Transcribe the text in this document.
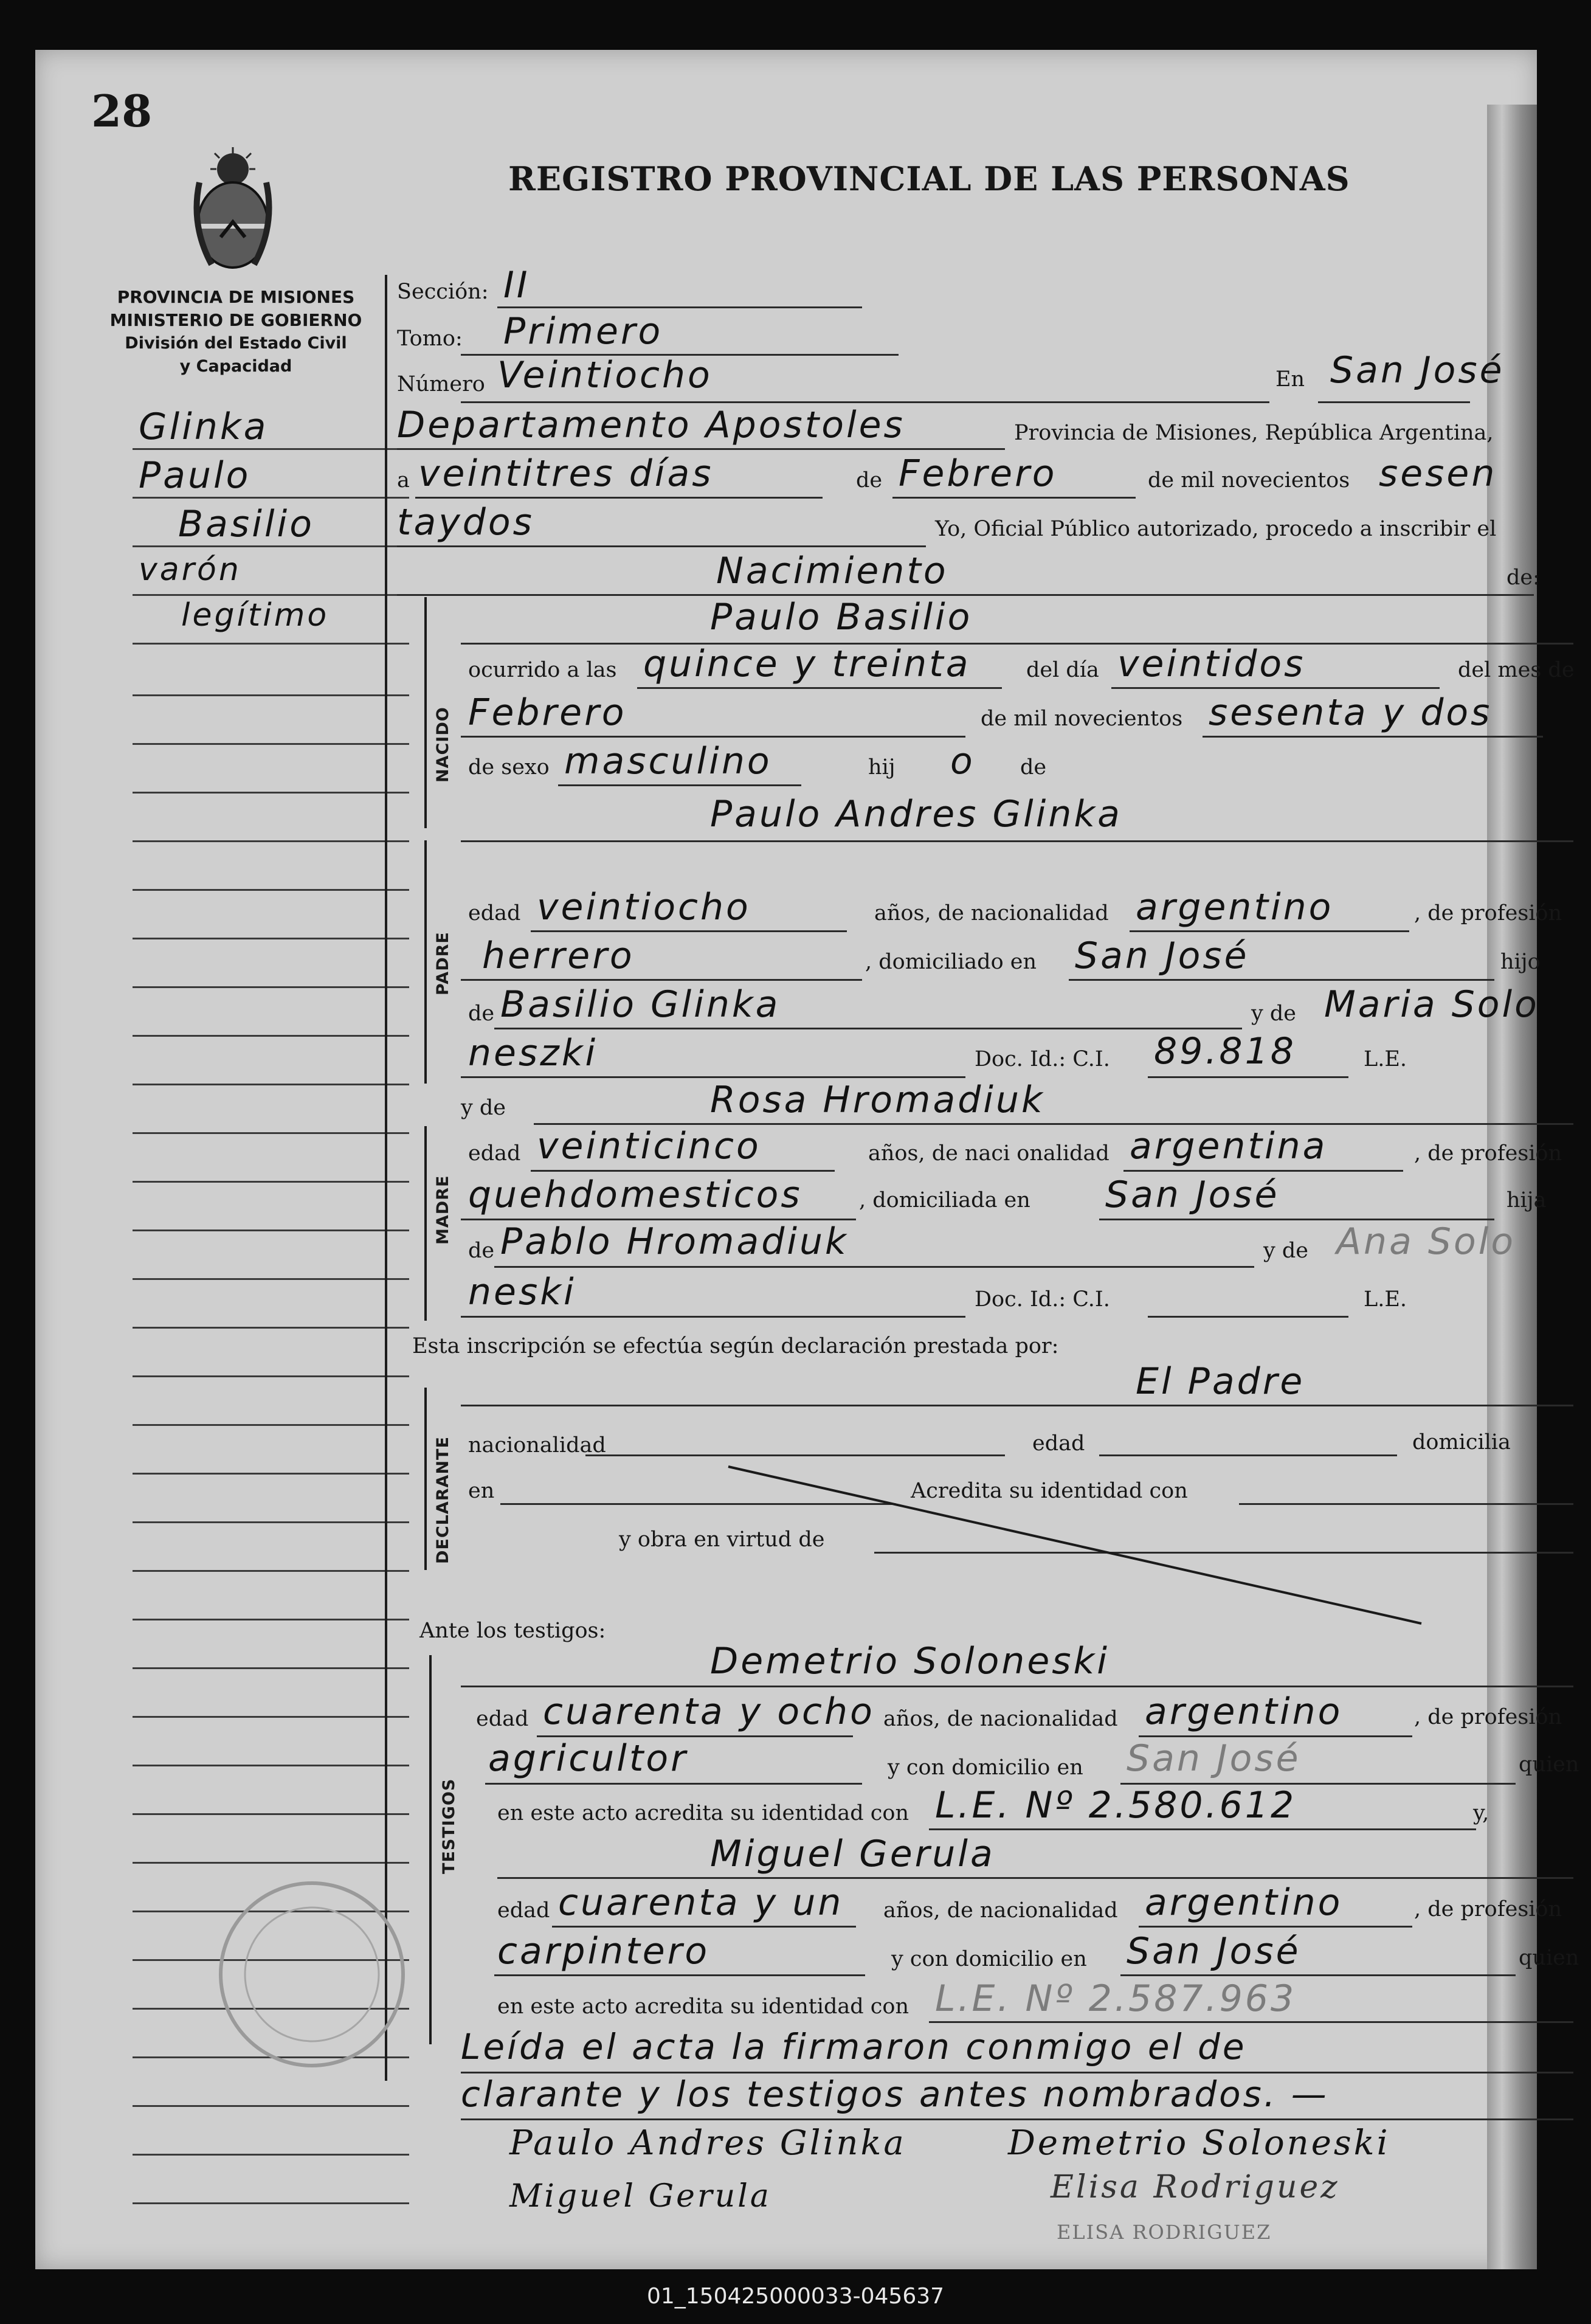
28
PROVINCIA DE MISIONES
MINISTERIO DE GOBIERNO
División del Estado Civil
y Capacidad
REGISTRO PROVINCIAL DE LAS PERSONAS
Glinka
Paulo
Basilio
varón
legítimo
Sección: II
Tomo: Primero
Número Veintiocho	En San José
Departamento Apostoles	Provincia de Misiones, República Argentina,
a veintitres días	de Febrero	de mil novecientos sesen
taydos	Yo, Oficial Público autorizado, procedo a inscribir el
Nacimiento	de:
NACIDO
Paulo Basilio
ocurrido a las quince y treinta	del día veintidos	del mes de
Febrero	de mil novecientos sesenta y dos
de sexo masculino	hij o de
PADRE
Paulo Andres Glinka
edad veintiocho	años, de nacionalidad argentino	, de profesión
herrero	, domiciliado en San José	hijo
de Basilio Glinka	y de Maria Solo
neszki	Doc. Id.: C.I. 89.818	L.E.
y de	Rosa Hromadiuk
MADRE
edad veinticinco	años, de naci onalidad argentina	, de profesión
quehdomesticos	, domiciliada en San José	hija
de Pablo Hromadiuk	y de Ana Solo
neski	Doc. Id.: C.I.	L.E.
Esta inscripción se efectúa según declaración prestada por:
El Padre
DECLARANTE nacionalidad	edad	domicilia
en	Acredita su identidad con
y obra en virtud de
Ante los testigos:
Demetrio Soloneski
TESTIGOS
edad cuarenta y ocho años, de nacionalidad argentino	, de profesión
agricultor	y con domicilio en San José	quien
en este acto acredita su identidad con L.E. Nº 2.580.612	y,
Miguel Gerula
edad cuarenta y un años, de nacionalidad argentino	, de profesión
carpintero	y con domicilio en San José	quien
en este acto acredita su identidad con L.E. Nº 2.587.963
Leída el acta la firmaron conmigo el de
clarante y los testigos antes nombrados. —
Paulo Andres Glinka	Demetrio Soloneski
Miguel Gerula	Elisa Rodriguez
ELISA RODRIGUEZ
01_150425000033-045637
